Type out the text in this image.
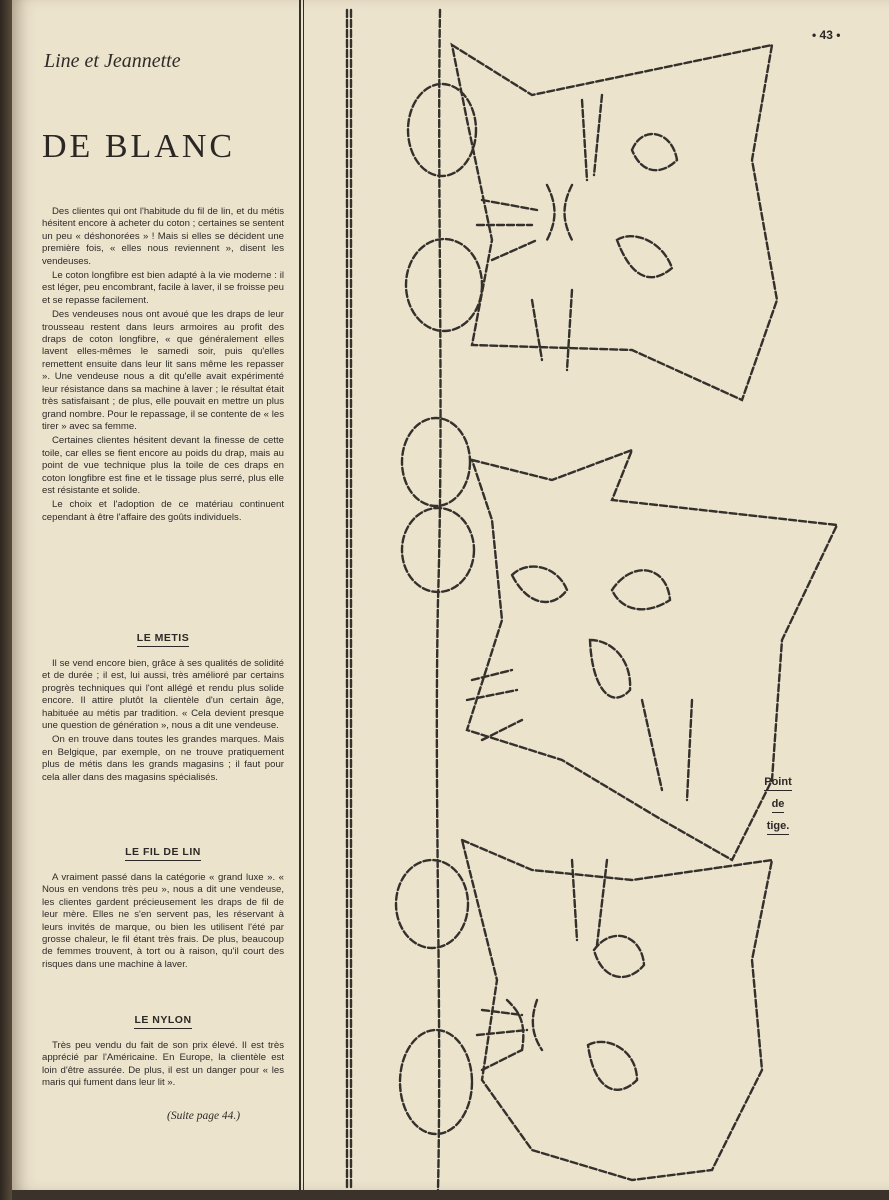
• 43 •
Line et Jeannette
DE BLANC

Des clientes qui ont l'habitude du fil de lin, et du métis hésitent encore à acheter du coton ; certaines se sentent un peu « déshonorées » ! Mais si elles se décident une première fois, « elles nous reviennent », disent les vendeuses.

Le coton longfibre est bien adapté à la vie moderne : il est léger, peu encombrant, facile à laver, il se froisse peu et se repasse facilement.

Des vendeuses nous ont avoué que les draps de leur trousseau restent dans leurs armoires au profit des draps de coton longfibre, « que généralement elles lavent elles-mêmes le samedi soir, puis qu'elles remettent ensuite dans leur lit sans même les repasser ». Une vendeuse nous a dit qu'elle avait expérimenté leur résistance dans sa machine à laver ; le résultat était très satisfaisant ; de plus, elle pouvait en mettre un plus grand nombre. Pour le repassage, il se contente de « les tirer » avec sa femme.

Certaines clientes hésitent devant la finesse de cette toile, car elles se fient encore au poids du drap, mais au point de vue technique plus la toile de ces draps en coton longfibre est fine et le tissage plus serré, plus elle est résistante et solide.

Le choix et l'adoption de ce matériau continuent cependant à être l'affaire des goûts individuels.

LE METIS

Il se vend encore bien, grâce à ses qualités de solidité et de durée ; il est, lui aussi, très amélioré par certains progrès techniques qui l'ont allégé et rendu plus solide encore. Il attire plutôt la clientèle d'un certain âge, habituée au métis par tradition. « Cela devient presque une question de génération », nous a dit une vendeuse.

On en trouve dans toutes les grandes marques. Mais en Belgique, par exemple, on ne trouve pratiquement plus de métis dans les grands magasins ; il faut pour cela aller dans des magasins spécialisés.

LE FIL DE LIN

A vraiment passé dans la catégorie « grand luxe ». « Nous en vendons très peu », nous a dit une vendeuse, les clientes gardent précieusement les draps de fil de leur mère. Elles ne s'en servent pas, les réservant à leurs invités de marque, ou bien les utilisent l'été par grosse chaleur, le fil étant très frais. De plus, beaucoup de femmes trouvent, à tort ou à raison, qu'il court des risques dans une machine à laver.

LE NYLON

Très peu vendu du fait de son prix élevé. Il est très apprécié par l'Américaine. En Europe, la clientèle est loin d'être assurée. De plus, il est un danger pour « les maris qui fument dans leur lit ».

(Suite page 44.)
Point
de
tige.
